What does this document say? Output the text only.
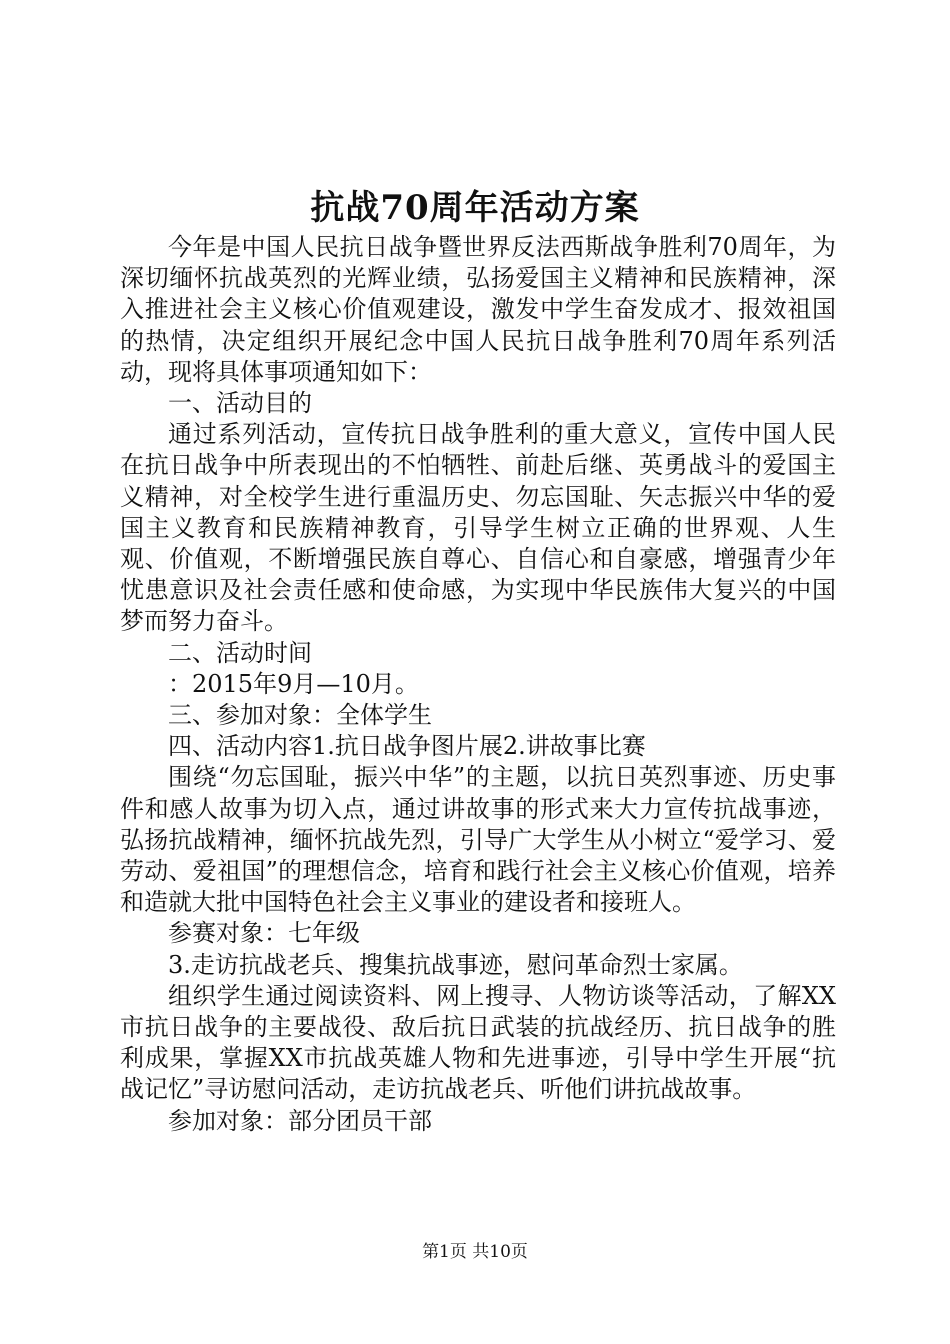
抗战70周年活动方案

今年是中国人民抗日战争暨世界反法西斯战争胜利70周年，为深切缅怀抗战英烈的光辉业绩，弘扬爱国主义精神和民族精神，深入推进社会主义核心价值观建设，激发中学生奋发成才、报效祖国的热情，决定组织开展纪念中国人民抗日战争胜利70周年系列活动，现将具体事项通知如下：

一、活动目的

通过系列活动，宣传抗日战争胜利的重大意义，宣传中国人民在抗日战争中所表现出的不怕牺牲、前赴后继、英勇战斗的爱国主义精神，对全校学生进行重温历史、勿忘国耻、矢志振兴中华的爱国主义教育和民族精神教育，引导学生树立正确的世界观、人生观、价值观，不断增强民族自尊心、自信心和自豪感，增强青少年忧患意识及社会责任感和使命感，为实现中华民族伟大复兴的中国梦而努力奋斗。

二、活动时间

：2015年9月—10月。

三、参加对象：全体学生

四、活动内容1.抗日战争图片展2.讲故事比赛

围绕“勿忘国耻，振兴中华”的主题，以抗日英烈事迹、历史事件和感人故事为切入点，通过讲故事的形式来大力宣传抗战事迹，弘扬抗战精神，缅怀抗战先烈，引导广大学生从小树立“爱学习、爱劳动、爱祖国”的理想信念，培育和践行社会主义核心价值观，培养和造就大批中国特色社会主义事业的建设者和接班人。

参赛对象：七年级

3.走访抗战老兵、搜集抗战事迹，慰问革命烈士家属。

组织学生通过阅读资料、网上搜寻、人物访谈等活动，了解XX市抗日战争的主要战役、敌后抗日武装的抗战经历、抗日战争的胜利成果，掌握XX市抗战英雄人物和先进事迹，引导中学生开展“抗战记忆”寻访慰问活动，走访抗战老兵、听他们讲抗战故事。

参加对象：部分团员干部

第1页 共10页
